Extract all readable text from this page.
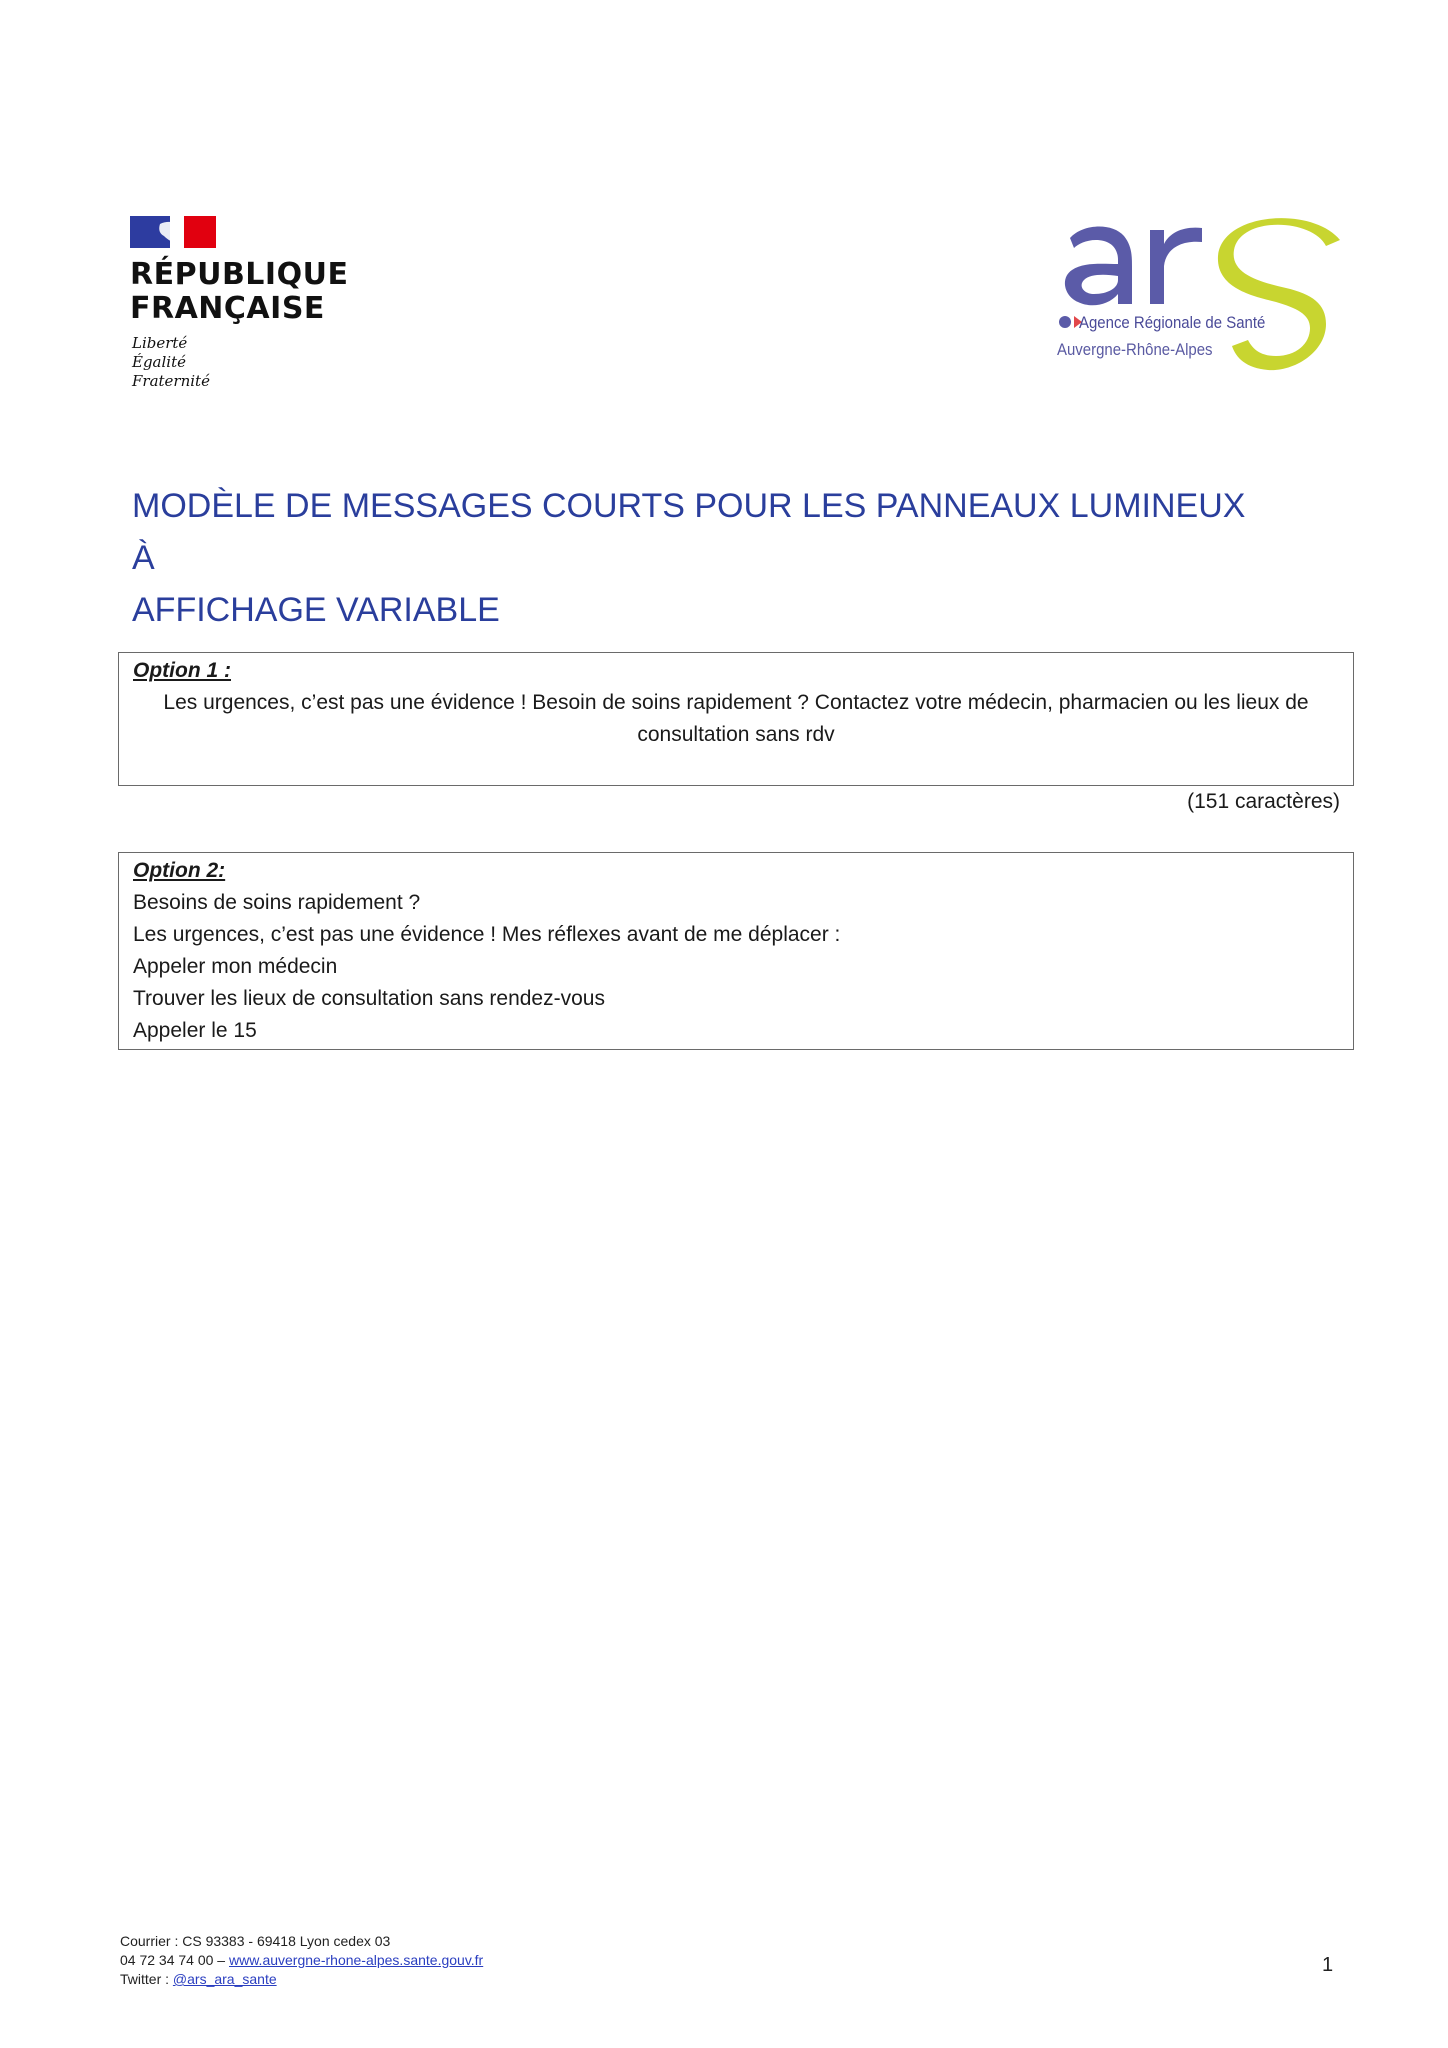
RÉPUBLIQUE
FRANÇAISE
Liberté
Égalité
Fraternité
Agence Régionale de Santé
Auvergne-Rhône-Alpes
MODÈLE DE MESSAGES COURTS POUR LES PANNEAUX LUMINEUX À
AFFICHAGE VARIABLE
Option 1 :
Les urgences, c’est pas une évidence ! Besoin de soins rapidement ? Contactez votre médecin, pharmacien ou les lieux de
consultation sans rdv
(151 caractères)
Option 2:
Besoins de soins rapidement ?
Les urgences, c’est pas une évidence ! Mes réflexes avant de me déplacer :
Appeler mon médecin
Trouver les lieux de consultation sans rendez-vous
Appeler le 15
Courrier : CS 93383 - 69418 Lyon cedex 03
04 72 34 74 00 – www.auvergne-rhone-alpes.sante.gouv.fr
Twitter : @ars_ara_sante
1
